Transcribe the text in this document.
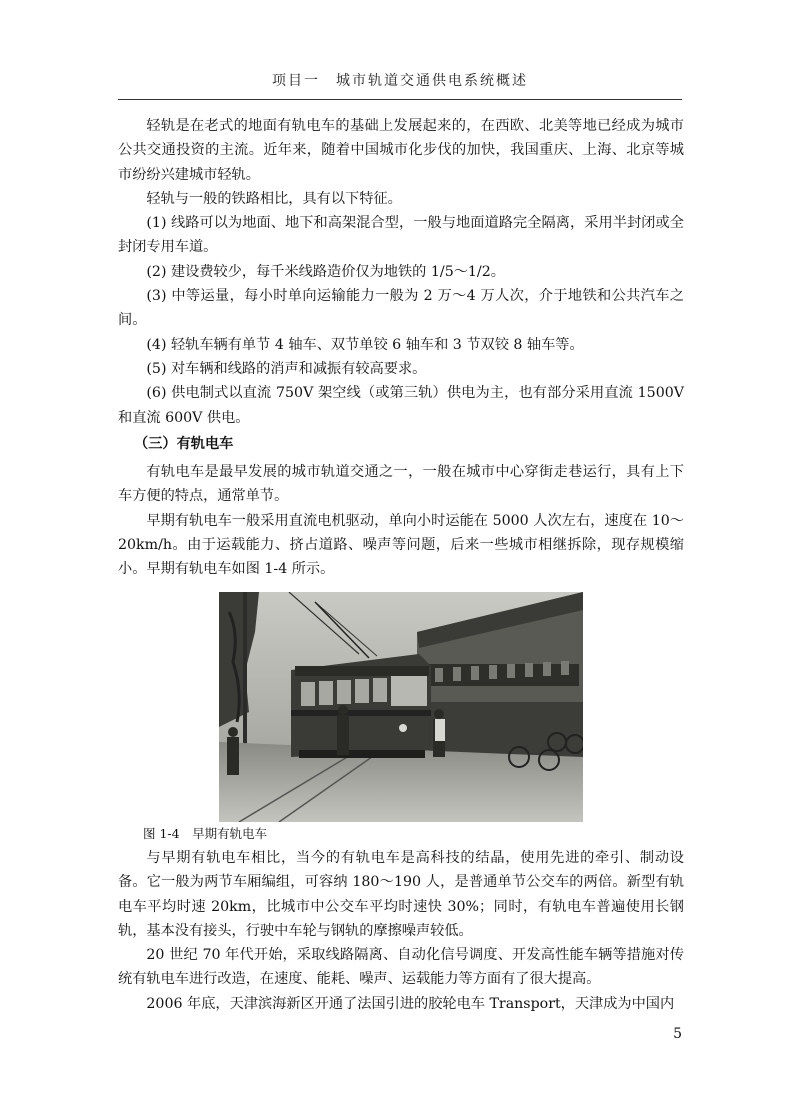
项目一　城市轨道交通供电系统概述

轻轨是在老式的地面有轨电车的基础上发展起来的，在西欧、北美等地已经成为城市公共交通投资的主流。近年来，随着中国城市化步伐的加快，我国重庆、上海、北京等城市纷纷兴建城市轻轨。

轻轨与一般的铁路相比，具有以下特征。

(1) 线路可以为地面、地下和高架混合型，一般与地面道路完全隔离，采用半封闭或全封闭专用车道。

(2) 建设费较少，每千米线路造价仅为地铁的 1/5～1/2。

(3) 中等运量，每小时单向运输能力一般为 2 万～4 万人次，介于地铁和公共汽车之间。

(4) 轻轨车辆有单节 4 轴车、双节单铰 6 轴车和 3 节双铰 8 轴车等。

(5) 对车辆和线路的消声和减振有较高要求。

(6) 供电制式以直流 750V 架空线（或第三轨）供电为主，也有部分采用直流 1500V 和直流 600V 供电。

（三）有轨电车

有轨电车是最早发展的城市轨道交通之一，一般在城市中心穿街走巷运行，具有上下车方便的特点，通常单节。

早期有轨电车一般采用直流电机驱动，单向小时运能在 5000 人次左右，速度在 10～20km/h。由于运载能力、挤占道路、噪声等问题，后来一些城市相继拆除，现存规模缩小。早期有轨电车如图 1-4 所示。

图 1-4　早期有轨电车

与早期有轨电车相比，当今的有轨电车是高科技的结晶，使用先进的牵引、制动设备。它一般为两节车厢编组，可容纳 180～190 人，是普通单节公交车的两倍。新型有轨电车平均时速 20km，比城市中公交车平均时速快 30%；同时，有轨电车普遍使用长钢轨，基本没有接头，行驶中车轮与钢轨的摩擦噪声较低。

20 世纪 70 年代开始，采取线路隔离、自动化信号调度、开发高性能车辆等措施对传统有轨电车进行改造，在速度、能耗、噪声、运载能力等方面有了很大提高。

2006 年底，天津滨海新区开通了法国引进的胶轮电车 Transport，天津成为中国内

5
